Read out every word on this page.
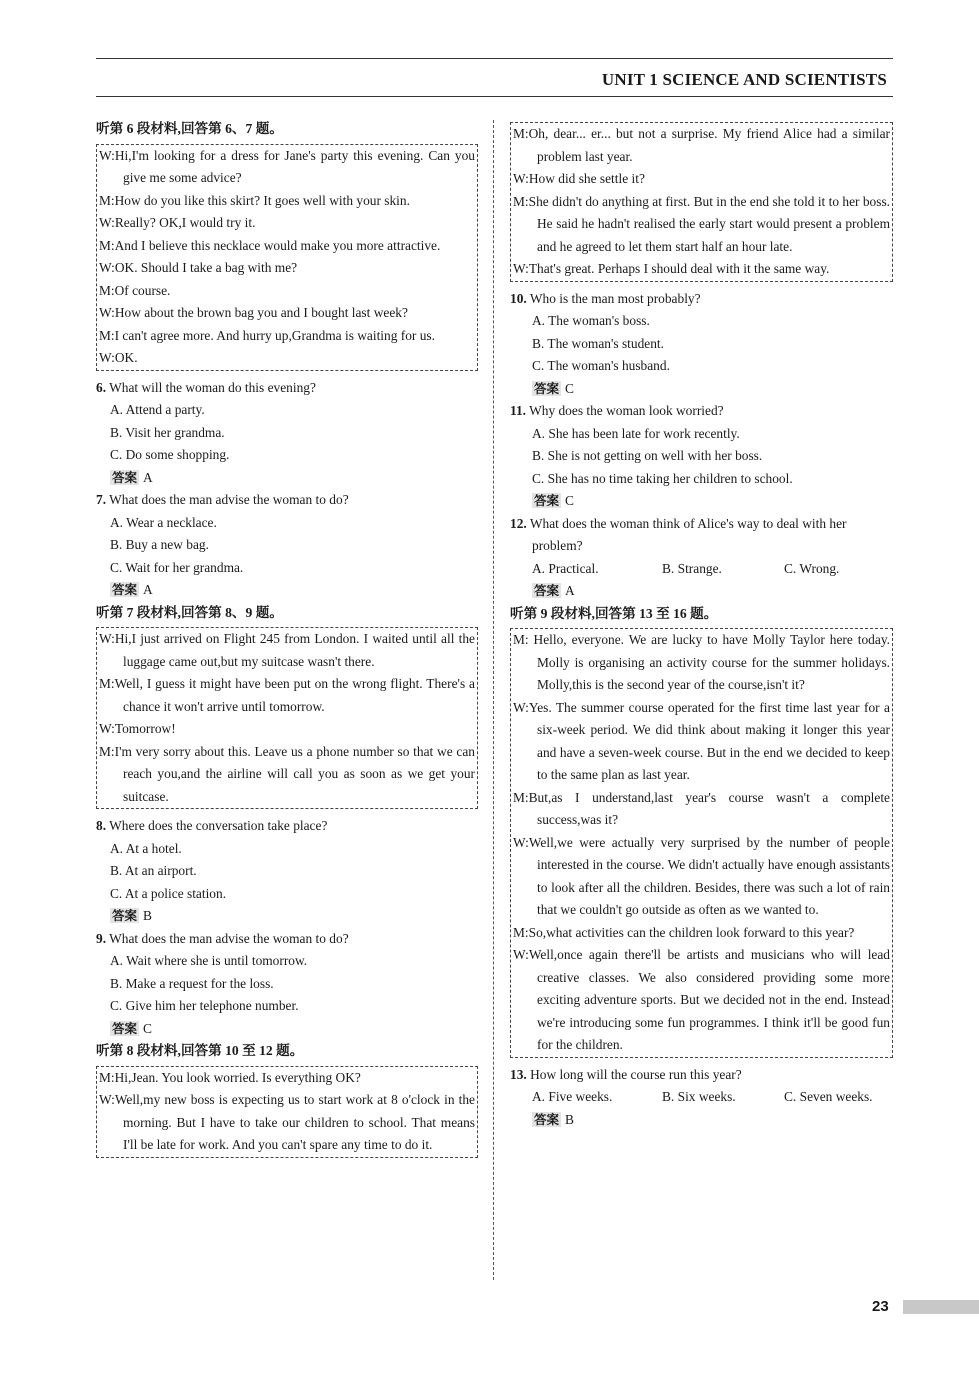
UNIT 1 SCIENCE AND SCIENTISTS

听第 6 段材料,回答第 6、7 题。

W:Hi,I'm looking for a dress for Jane's party this evening. Can you give me some advice?
M:How do you like this skirt? It goes well with your skin.
W:Really? OK,I would try it.
M:And I believe this necklace would make you more attractive.
W:OK. Should I take a bag with me?
M:Of course.
W:How about the brown bag you and I bought last week?
M:I can't agree more. And hurry up,Grandma is waiting for us.
W:OK.
6. What will the woman do this evening?
A. Attend a party.
B. Visit her grandma.
C. Do some shopping.
答案 A
7. What does the man advise the woman to do?
A. Wear a necklace.
B. Buy a new bag.
C. Wait for her grandma.
答案 A

听第 7 段材料,回答第 8、9 题。

W:Hi,I just arrived on Flight 245 from London. I waited until all the luggage came out,but my suitcase wasn't there.
M:Well, I guess it might have been put on the wrong flight. There's a chance it won't arrive until tomorrow.
W:Tomorrow!
M:I'm very sorry about this. Leave us a phone number so that we can reach you,and the airline will call you as soon as we get your suitcase.
8. Where does the conversation take place?
A. At a hotel.
B. At an airport.
C. At a police station.
答案 B
9. What does the man advise the woman to do?
A. Wait where she is until tomorrow.
B. Make a request for the loss.
C. Give him her telephone number.
答案 C

听第 8 段材料,回答第 10 至 12 题。

M:Hi,Jean. You look worried. Is everything OK?
W:Well,my new boss is expecting us to start work at 8 o'clock in the morning. But I have to take our children to school. That means I'll be late for work. And you can't spare any time to do it.
M:Oh, dear... er... but not a surprise. My friend Alice had a similar problem last year.
W:How did she settle it?
M:She didn't do anything at first. But in the end she told it to her boss. He said he hadn't realised the early start would present a problem and he agreed to let them start half an hour late.
W:That's great. Perhaps I should deal with it the same way.
10. Who is the man most probably?
A. The woman's boss.
B. The woman's student.
C. The woman's husband.
答案 C
11. Why does the woman look worried?
A. She has been late for work recently.
B. She is not getting on well with her boss.
C. She has no time taking her children to school.
答案 C
12. What does the woman think of Alice's way to deal with her problem?
A. Practical.	B. Strange.	C. Wrong.
答案 A

听第 9 段材料,回答第 13 至 16 题。

M: Hello, everyone. We are lucky to have Molly Taylor here today. Molly is organising an activity course for the summer holidays. Molly,this is the second year of the course,isn't it?
W:Yes. The summer course operated for the first time last year for a six-week period. We did think about making it longer this year and have a seven-week course. But in the end we decided to keep to the same plan as last year.
M:But,as I understand,last year's course wasn't a complete success,was it?
W:Well,we were actually very surprised by the number of people interested in the course. We didn't actually have enough assistants to look after all the children. Besides, there was such a lot of rain that we couldn't go outside as often as we wanted to.
M:So,what activities can the children look forward to this year?
W:Well,once again there'll be artists and musicians who will lead creative classes. We also considered providing some more exciting adventure sports. But we decided not in the end. Instead we're introducing some fun programmes. I think it'll be good fun for the children.
13. How long will the course run this year?
A. Five weeks.	B. Six weeks.	C. Seven weeks.
答案 B
23
